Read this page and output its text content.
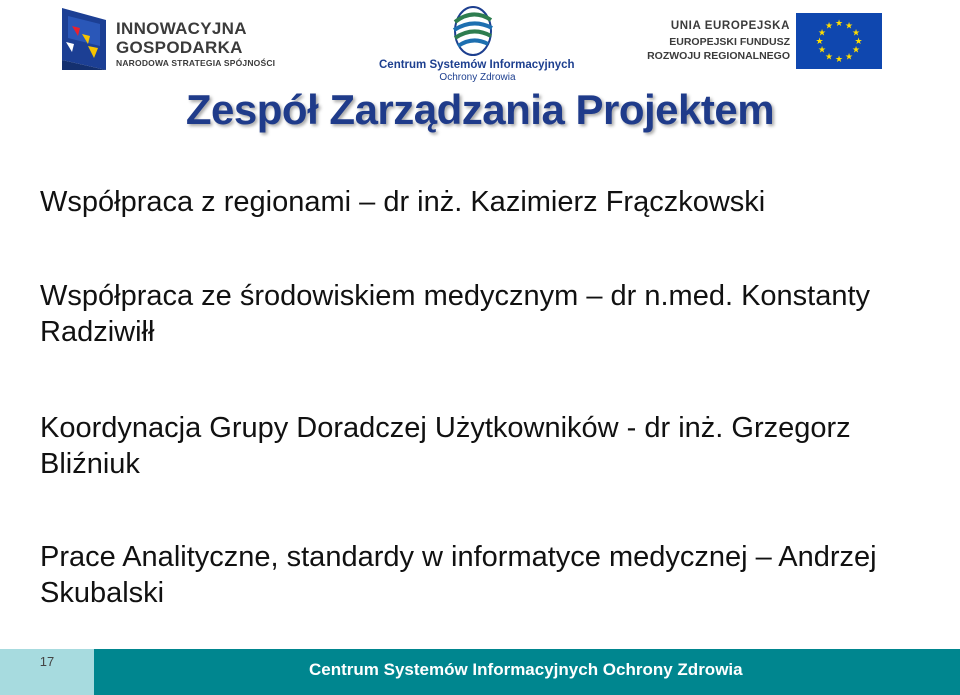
INNOWACYJNA
GOSPODARKA
NARODOWA STRATEGIA SPÓJNOŚCI	Centrum Systemów Informacyjnych
Ochrony Zdrowia
UNIA EUROPEJSKA
EUROPEJSKI FUNDUSZ
ROZWOJU REGIONALNEGO
★ ★
★
★
★
★
★
★
★
★
★
★
Zespół Zarządzania Projektem
Współpraca z regionami – dr inż. Kazimierz Frączkowski
Współpraca ze środowiskiem medycznym – dr n.med. Konstanty Radziwiłł
Koordynacja Grupy Doradczej Użytkowników - dr inż. Grzegorz Bliźniuk
Prace Analityczne, standardy w informatyce medycznej – Andrzej Skubalski
17	Centrum Systemów Informacyjnych Ochrony Zdrowia
